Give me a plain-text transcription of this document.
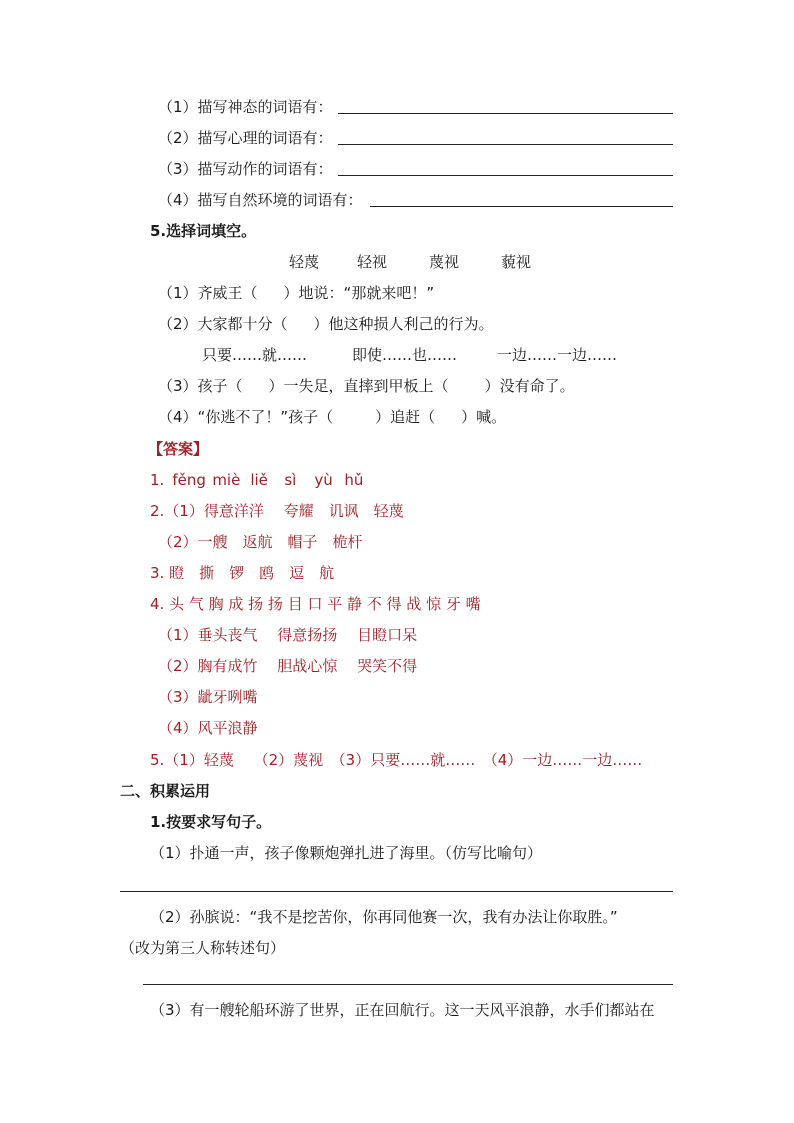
（1）描写神态的词语有：
（2）描写心理的词语有：
（3）描写动作的词语有：
（4）描写自然环境的词语有：
5.选择词填空。
轻蔑	轻视	蔑视	藐视
（1）齐威王（ ）地说：“那就来吧！”
（2）大家都十分（ ）他这种损人利己的行为。
只要……就……	即使……也……	一边……一边……
（3）孩子（ ）一失足，直摔到甲板上（ ）没有命了。
（4）“你逃不了！”孩子（	）追赶（ ）喊。
【答案】
1. fěng miè liě sì yù hǔ
2.（1）得意洋洋　 夸耀　讥讽　轻蔑
（2）一艘　返航　帽子　桅杆
3. 瞪　撕　锣　鸥　逗　航
4. 头 气 胸 成 扬 扬 目 口 平 静 不 得 战 惊 牙 嘴
（1）垂头丧气　 得意扬扬　 目瞪口呆
（2）胸有成竹　 胆战心惊　 哭笑不得
（3）龇牙咧嘴
（4）风平浪静
5.（1）轻蔑　 （2）蔑视　（3）只要……就……　（4）一边……一边……
二、积累运用
1.按要求写句子。
（1）扑通一声，孩子像颗炮弹扎进了海里。（仿写比喻句）
（2）孙膑说：“我不是挖苦你，你再同他赛一次，我有办法让你取胜。”
（改为第三人称转述句）
（3）有一艘轮船环游了世界，正在回航行。这一天风平浪静，水手们都站在
